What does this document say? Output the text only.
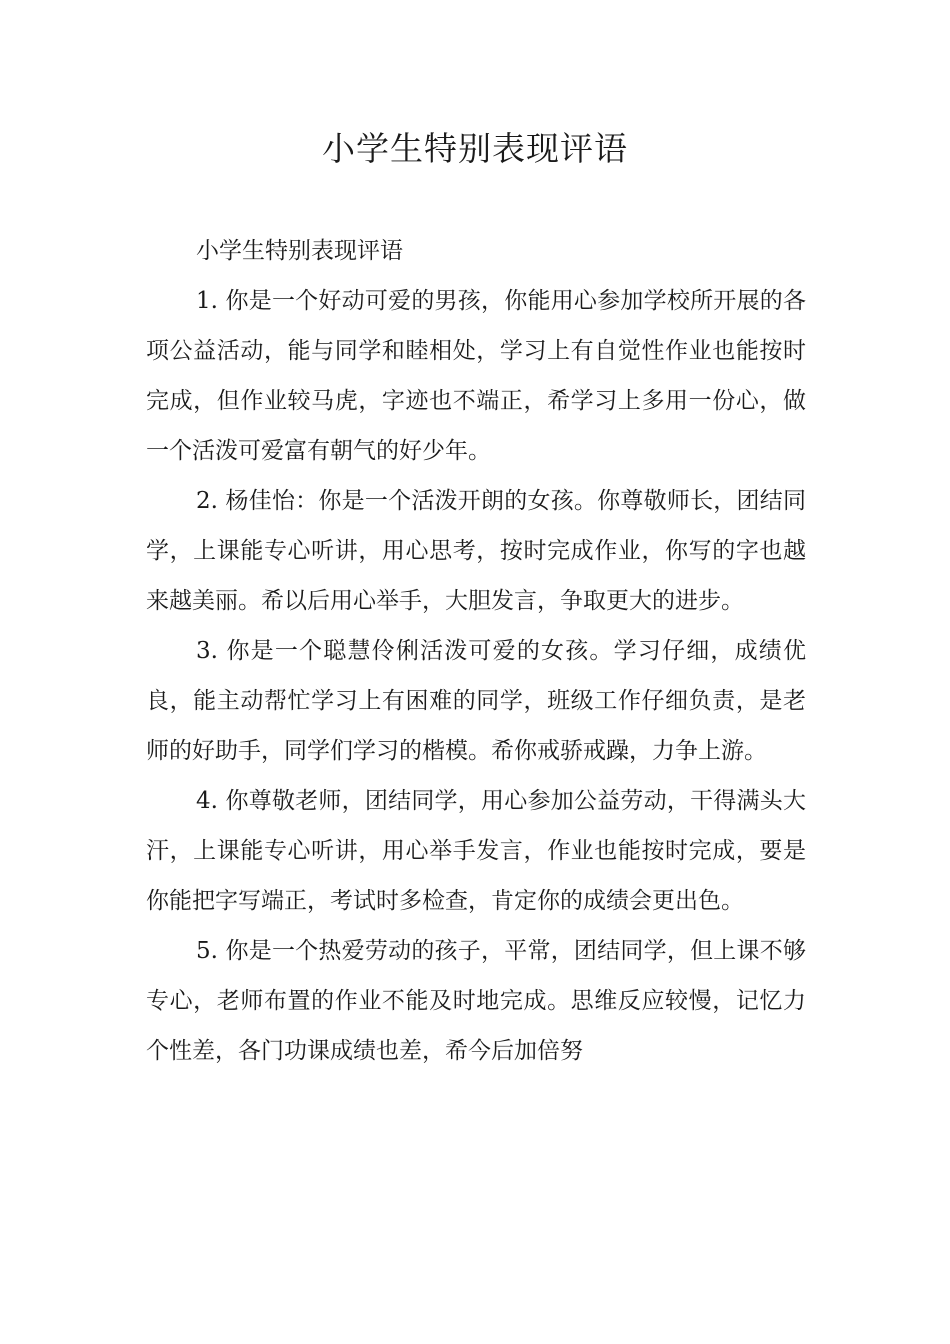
小学生特别表现评语

小学生特别表现评语

1. 你是一个好动可爱的男孩，你能用心参加学校所开展的各项公益活动，能与同学和睦相处，学习上有自觉性作业也能按时完成，但作业较马虎，字迹也不端正，希学习上多用一份心，做一个活泼可爱富有朝气的好少年。

2. 杨佳怡：你是一个活泼开朗的女孩。你尊敬师长，团结同学，上课能专心听讲，用心思考，按时完成作业，你写的字也越来越美丽。希以后用心举手，大胆发言，争取更大的进步。

3. 你是一个聪慧伶俐活泼可爱的女孩。学习仔细，成绩优良，能主动帮忙学习上有困难的同学，班级工作仔细负责，是老师的好助手，同学们学习的楷模。希你戒骄戒躁，力争上游。

4. 你尊敬老师，团结同学，用心参加公益劳动，干得满头大汗，上课能专心听讲，用心举手发言，作业也能按时完成，要是你能把字写端正，考试时多检查，肯定你的成绩会更出色。

5. 你是一个热爱劳动的孩子，平常，团结同学，但上课不够专心，老师布置的作业不能及时地完成。思维反应较慢，记忆力个性差，各门功课成绩也差，希今后加倍努
